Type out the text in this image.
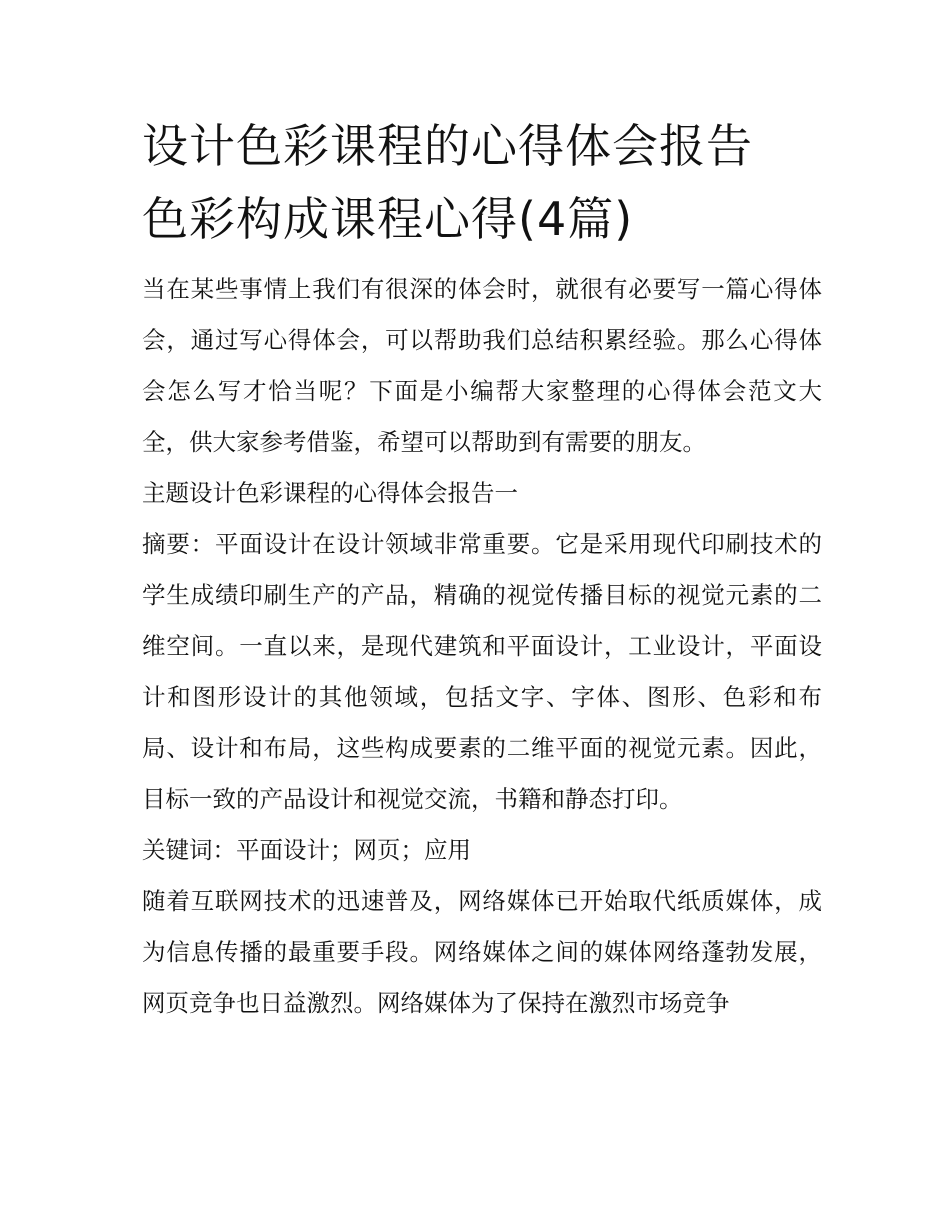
设计色彩课程的心得体会报告
色彩构成课程心得(4篇)

当在某些事情上我们有很深的体会时，就很有必要写一篇心得体会，通过写心得体会，可以帮助我们总结积累经验。那么心得体会怎么写才恰当呢？下面是小编帮大家整理的心得体会范文大全，供大家参考借鉴，希望可以帮助到有需要的朋友。

主题设计色彩课程的心得体会报告一

摘要：平面设计在设计领域非常重要。它是采用现代印刷技术的学生成绩印刷生产的产品，精确的视觉传播目标的视觉元素的二维空间。一直以来，是现代建筑和平面设计，工业设计，平面设计和图形设计的其他领域，包括文字、字体、图形、色彩和布局、设计和布局，这些构成要素的二维平面的视觉元素。因此，目标一致的产品设计和视觉交流，书籍和静态打印。

关键词：平面设计；网页；应用

随着互联网技术的迅速普及，网络媒体已开始取代纸质媒体，成为信息传播的最重要手段。网络媒体之间的媒体网络蓬勃发展，网页竞争也日益激烈。网络媒体为了保持在激烈市场竞争
